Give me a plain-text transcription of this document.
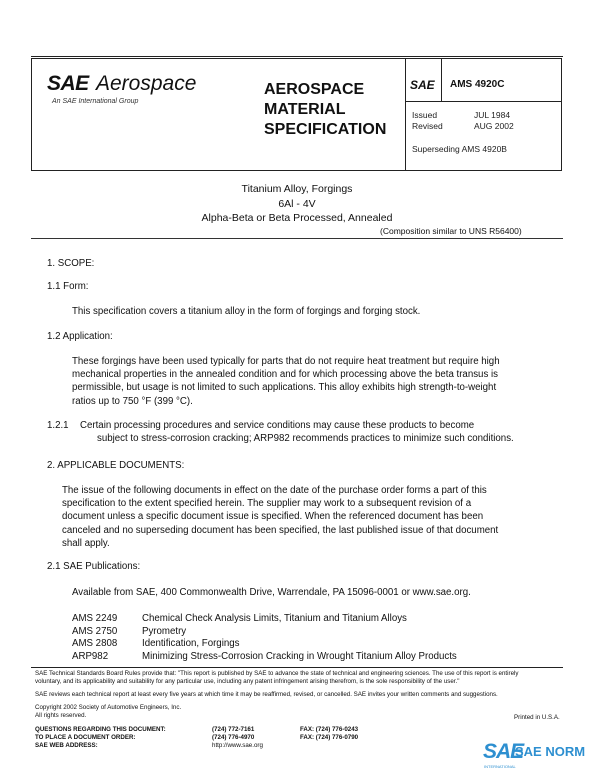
SAE Aerospace
An SAE International Group
AEROSPACE
MATERIAL
SPECIFICATION
SAE AMS 4920C
Issued	JUL 1984
Revised	AUG 2002
Superseding AMS 4920B
Titanium Alloy, Forgings
6Al - 4V
Alpha-Beta or Beta Processed, Annealed
(Composition similar to UNS R56400)
1. SCOPE:
1.1 Form:
This specification covers a titanium alloy in the form of forgings and forging stock.
1.2 Application:
These forgings have been used typically for parts that do not require heat treatment but require high
mechanical properties in the annealed condition and for which processing above the beta transus is
permissible, but usage is not limited to such applications. This alloy exhibits high strength-to-weight
ratios up to 750 °F (399 °C).
1.2.1 Certain processing procedures and service conditions may cause these products to become
subject to stress-corrosion cracking; ARP982 recommends practices to minimize such conditions.
2. APPLICABLE DOCUMENTS:
The issue of the following documents in effect on the date of the purchase order forms a part of this
specification to the extent specified herein. The supplier may work to a subsequent revision of a
document unless a specific document issue is specified. When the referenced document has been
canceled and no superseding document has been specified, the last published issue of that document
shall apply.
2.1 SAE Publications:
Available from SAE, 400 Commonwealth Drive, Warrendale, PA 15096-0001 or www.sae.org.
AMS 2249	Chemical Check Analysis Limits, Titanium and Titanium Alloys
AMS 2750	Pyrometry
AMS 2808	Identification, Forgings
ARP982	Minimizing Stress-Corrosion Cracking in Wrought Titanium Alloy Products
SAE Technical Standards Board Rules provide that: "This report is published by SAE to advance the state of technical and engineering sciences. The use of this report is entirely
voluntary, and its applicability and suitability for any particular use, including any patent infringement arising therefrom, is the sole responsibility of the user."
SAE reviews each technical report at least every five years at which time it may be reaffirmed, revised, or cancelled. SAE invites your written comments and suggestions.
Copyright 2002 Society of Automotive Engineers, Inc.
All rights reserved.	Printed in U.S.A.
QUESTIONS REGARDING THIS DOCUMENT:	(724) 772-7161	FAX: (724) 776-0243
TO PLACE A DOCUMENT ORDER:	(724) 776-4970	FAX: (724) 776-0790
SAE WEB ADDRESS:	http://www.sae.org	SAE
SAE NORM
INTERNATIONAL
